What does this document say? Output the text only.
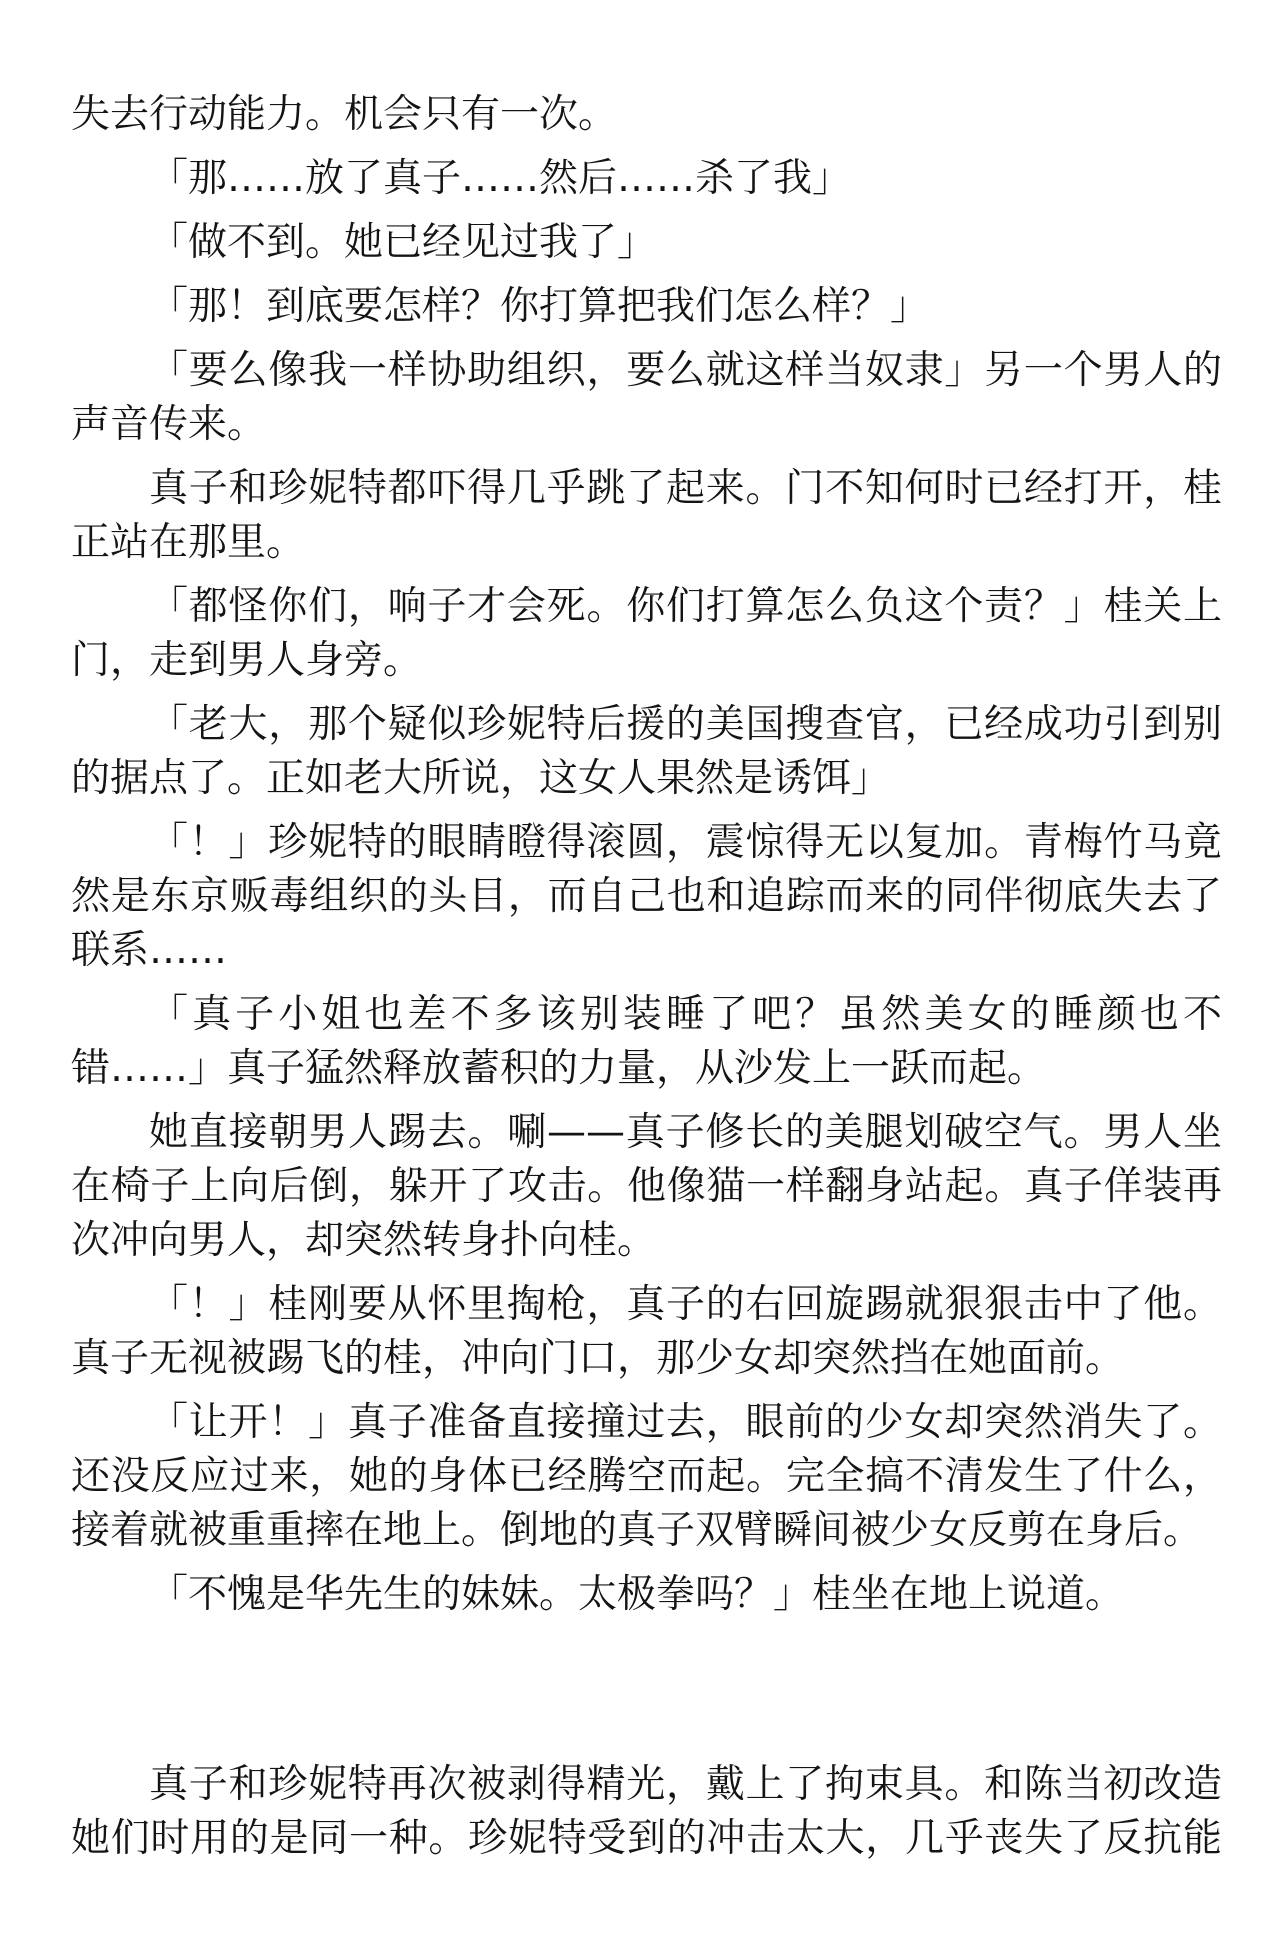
失去行动能力。机会只有一次。
「那……放了真子……然后……杀了我」
「做不到。她已经见过我了」
「那！到底要怎样？你打算把我们怎么样？」
「要么像我一样协助组织，要么就这样当奴隶」另一个男人的
声音传来。
真子和珍妮特都吓得几乎跳了起来。门不知何时已经打开，桂
正站在那里。
「都怪你们，响子才会死。你们打算怎么负这个责？」桂关上
门，走到男人身旁。
「老大，那个疑似珍妮特后援的美国搜查官，已经成功引到别
的据点了。正如老大所说，这女人果然是诱饵」
「！」珍妮特的眼睛瞪得滚圆，震惊得无以复加。青梅竹马竟
然是东京贩毒组织的头目，而自己也和追踪而来的同伴彻底失去了
联系……
「真子小姐也差不多该别装睡了吧？虽然美女的睡颜也不
错……」真子猛然释放蓄积的力量，从沙发上一跃而起。
她直接朝男人踢去。唰——真子修长的美腿划破空气。男人坐
在椅子上向后倒，躲开了攻击。他像猫一样翻身站起。真子佯装再
次冲向男人，却突然转身扑向桂。
「！」桂刚要从怀里掏枪，真子的右回旋踢就狠狠击中了他。
真子无视被踢飞的桂，冲向门口，那少女却突然挡在她面前。
「让开！」真子准备直接撞过去，眼前的少女却突然消失了。
还没反应过来，她的身体已经腾空而起。完全搞不清发生了什么，
接着就被重重摔在地上。倒地的真子双臂瞬间被少女反剪在身后。
「不愧是华先生的妹妹。太极拳吗？」桂坐在地上说道。
真子和珍妮特再次被剥得精光，戴上了拘束具。和陈当初改造
她们时用的是同一种。珍妮特受到的冲击太大，几乎丧失了反抗能
